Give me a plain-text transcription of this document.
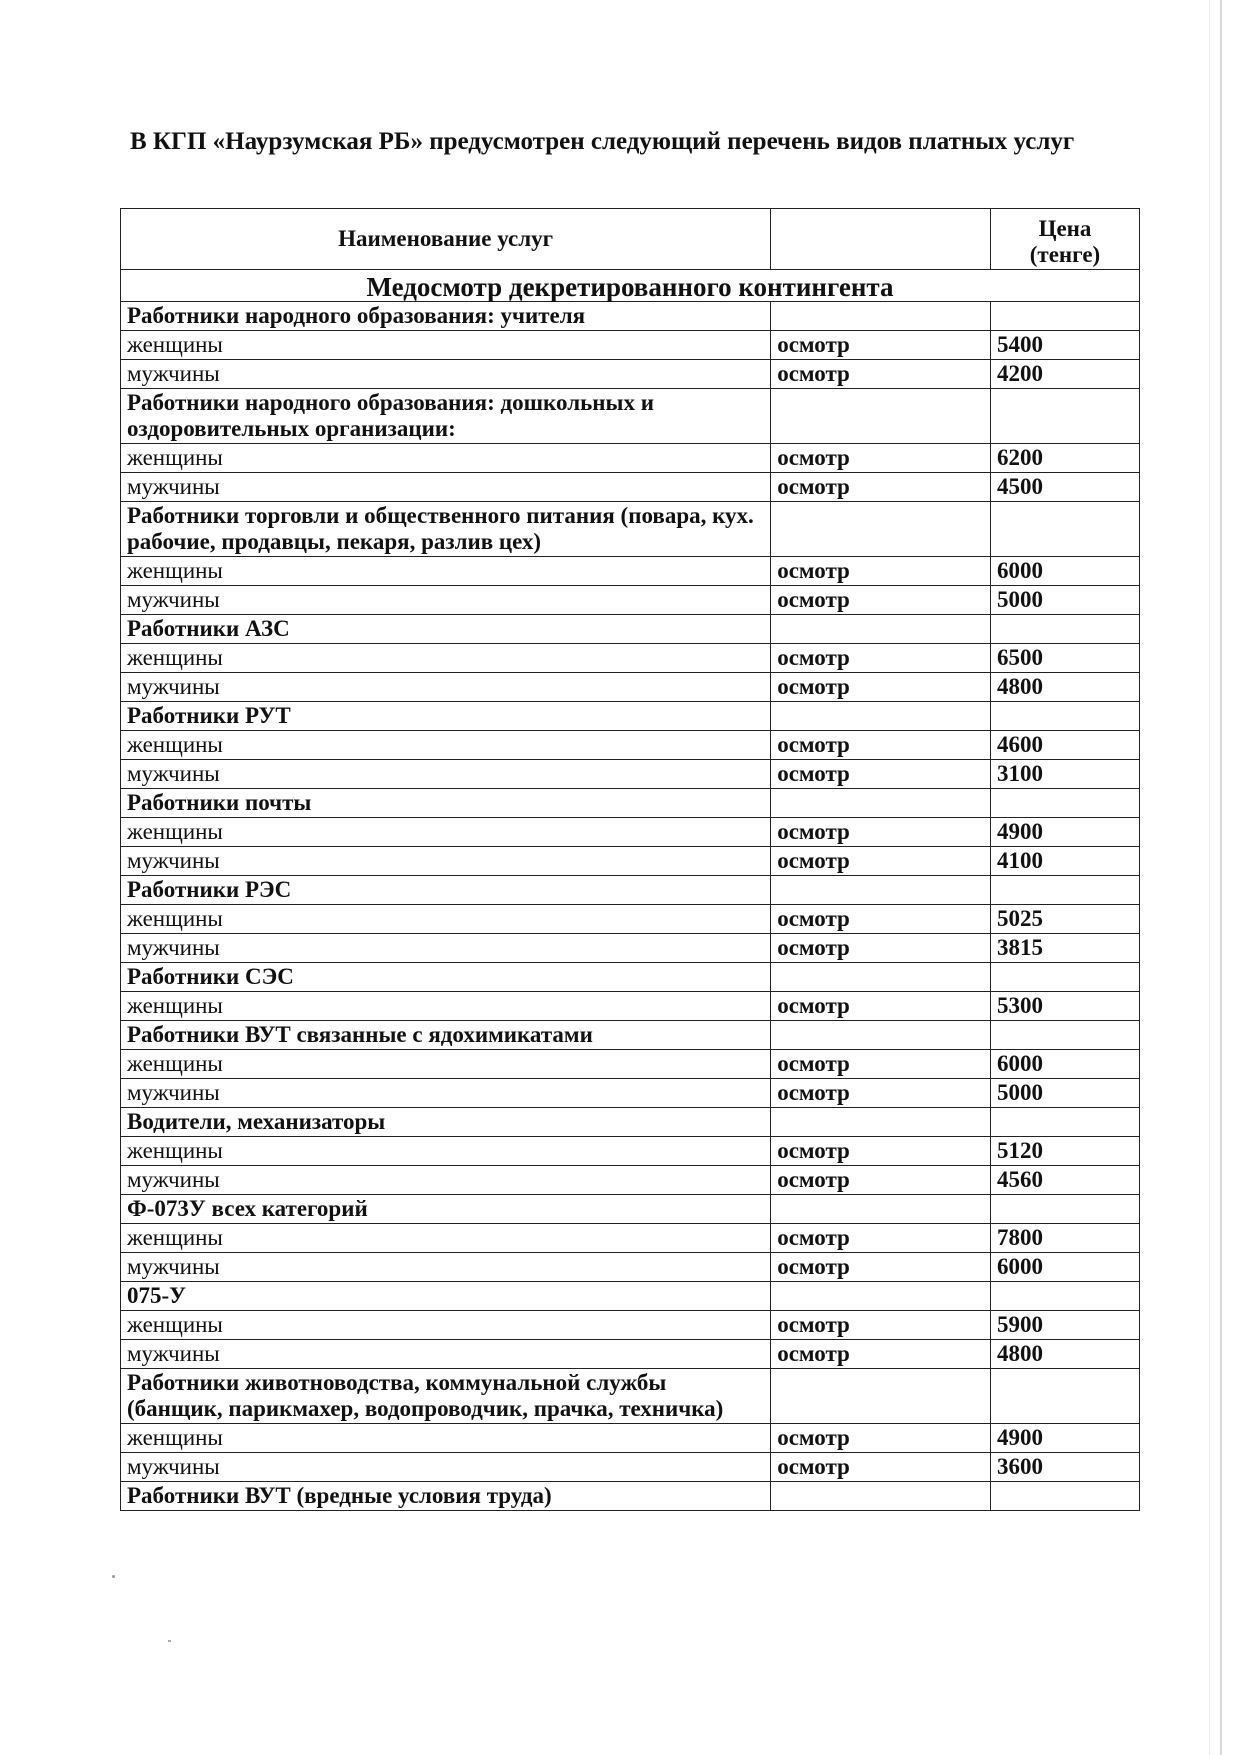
В КГП «Наурзумская РБ» предусмотрен следующий перечень видов платных услуг
Наименование услуг		Цена
(тенге)
Медосмотр декретированного контингента		
Работники народного образования: учителя		
женщины	осмотр	5400
мужчины	осмотр	4200
Работники народного образования: дошкольных и оздоровительных организации:		
женщины	осмотр	6200
мужчины	осмотр	4500
Работники торговли и общественного питания (повара, кух. рабочие, продавцы, пекаря, разлив цех)		
женщины	осмотр	6000
мужчины	осмотр	5000
Работники АЗС		
женщины	осмотр	6500
мужчины	осмотр	4800
Работники РУТ		
женщины	осмотр	4600
мужчины	осмотр	3100
Работники почты		
женщины	осмотр	4900
мужчины	осмотр	4100
Работники РЭС		
женщины	осмотр	5025
мужчины	осмотр	3815
Работники СЭС		
женщины	осмотр	5300
Работники ВУТ связанные с ядохимикатами		
женщины	осмотр	6000
мужчины	осмотр	5000
Водители, механизаторы		
женщины	осмотр	5120
мужчины	осмотр	4560
Ф-073У всех категорий		
женщины	осмотр	7800
мужчины	осмотр	6000
075-У		
женщины	осмотр	5900
мужчины	осмотр	4800
Работники животноводства, коммунальной службы (банщик, парикмахер, водопроводчик, прачка, техничка)		
женщины	осмотр	4900
мужчины	осмотр	3600
Работники ВУТ (вредные условия труда)		
